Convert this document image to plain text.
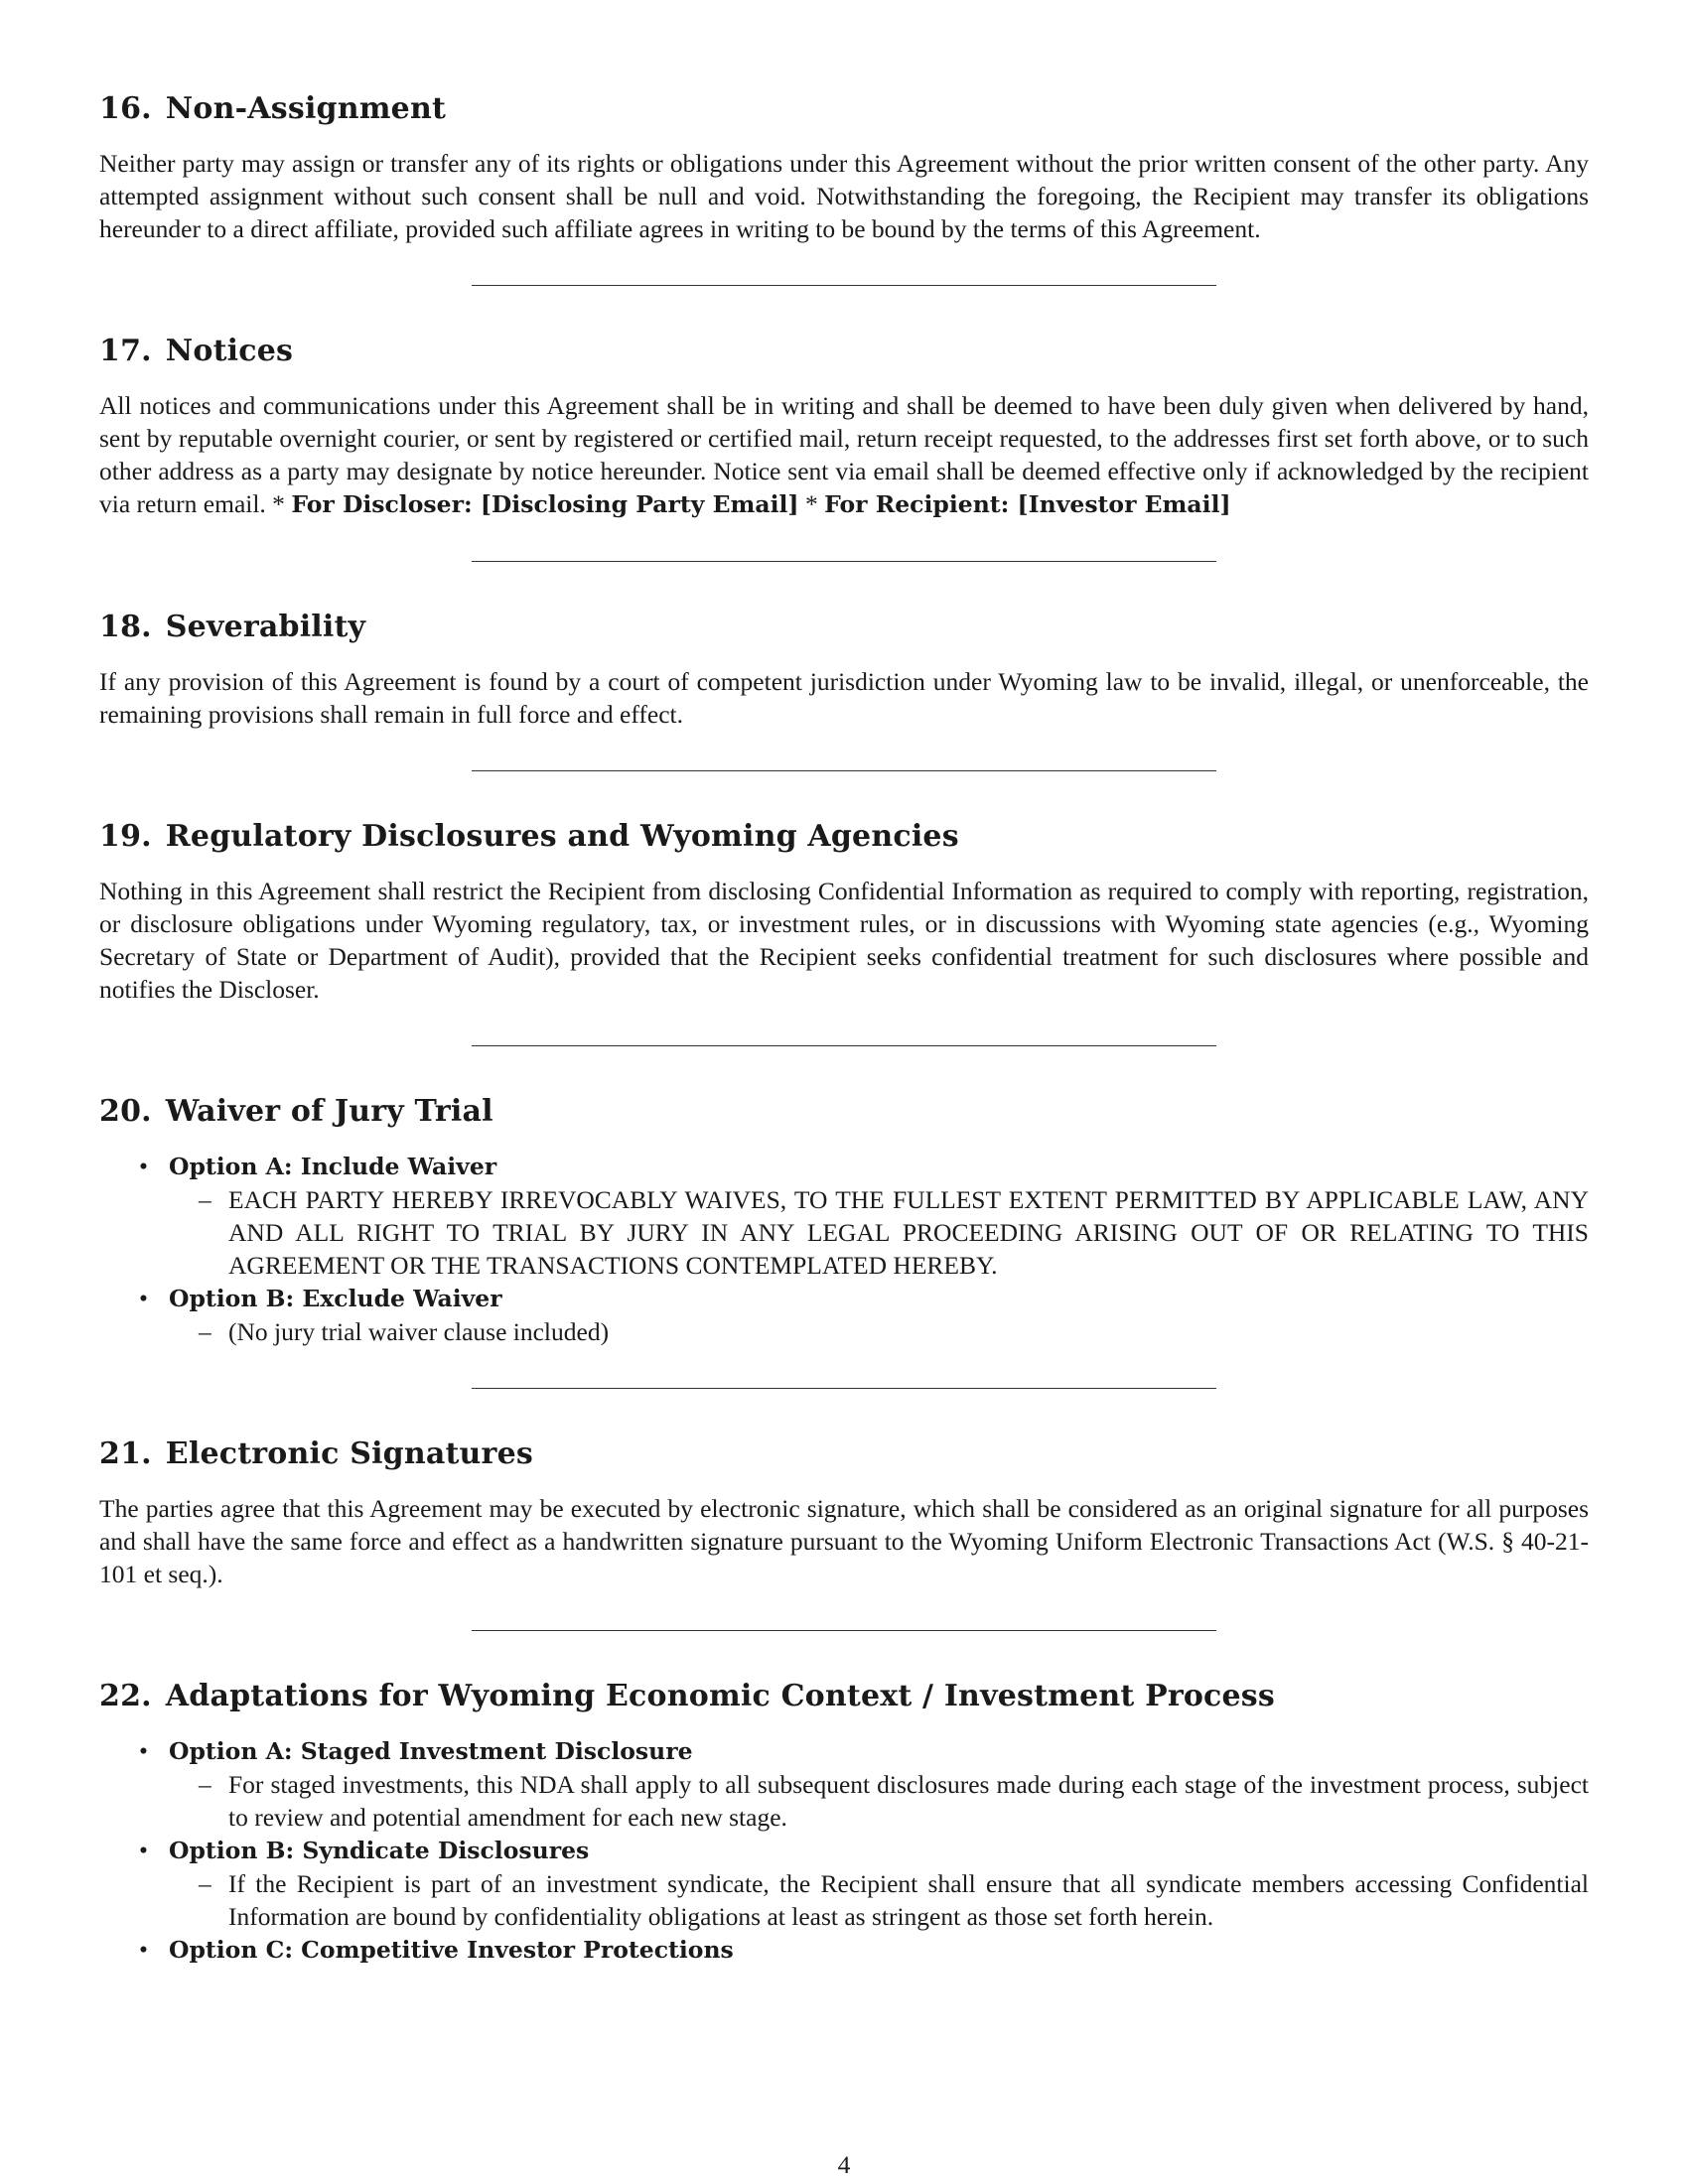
16. Non-Assignment

Neither party may assign or transfer any of its rights or obligations under this Agreement without the prior written consent of the other party. Any attempted assignment without such consent shall be null and void. Notwithstanding the foregoing, the Recipient may transfer its obligations hereunder to a direct affiliate, provided such affiliate agrees in writing to be bound by the terms of this Agreement.

17. Notices

All notices and communications under this Agreement shall be in writing and shall be deemed to have been duly given when delivered by hand, sent by reputable overnight courier, or sent by registered or certified mail, return receipt requested, to the addresses first set forth above, or to such other address as a party may designate by notice hereunder. Notice sent via email shall be deemed effective only if acknowledged by the recipient via return email. * For Discloser: [Disclosing Party Email] * For Recipient: [Investor Email]

18. Severability

If any provision of this Agreement is found by a court of competent jurisdiction under Wyoming law to be invalid, illegal, or unenforceable, the remaining provisions shall remain in full force and effect.

19. Regulatory Disclosures and Wyoming Agencies

Nothing in this Agreement shall restrict the Recipient from disclosing Confidential Information as required to comply with reporting, registration, or disclosure obligations under Wyoming regulatory, tax, or investment rules, or in discussions with Wyoming state agencies (e.g., Wyoming Secretary of State or Department of Audit), provided that the Recipient seeks confidential treatment for such disclosures where possible and notifies the Discloser.

20. Waiver of Jury Trial
• Option A: Include Waiver
– EACH PARTY HEREBY IRREVOCABLY WAIVES, TO THE FULLEST EXTENT PERMITTED BY APPLICABLE LAW, ANY AND ALL RIGHT TO TRIAL BY JURY IN ANY LEGAL PROCEEDING ARISING OUT OF OR RELATING TO THIS AGREEMENT OR THE TRANSACTIONS CONTEMPLATED HEREBY.
• Option B: Exclude Waiver
– (No jury trial waiver clause included)
21. Electronic Signatures

The parties agree that this Agreement may be executed by electronic signature, which shall be considered as an original signature for all purposes and shall have the same force and effect as a handwritten signature pursuant to the Wyoming Uniform Electronic Transactions Act (W.S. § 40-21-101 et seq.).

22. Adaptations for Wyoming Economic Context / Investment Process
• Option A: Staged Investment Disclosure
– For staged investments, this NDA shall apply to all subsequent disclosures made during each stage of the investment process, subject to review and potential amendment for each new stage.
• Option B: Syndicate Disclosures
– If the Recipient is part of an investment syndicate, the Recipient shall ensure that all syndicate members accessing Confidential Information are bound by confidentiality obligations at least as stringent as those set forth herein.
• Option C: Competitive Investor Protections
4
